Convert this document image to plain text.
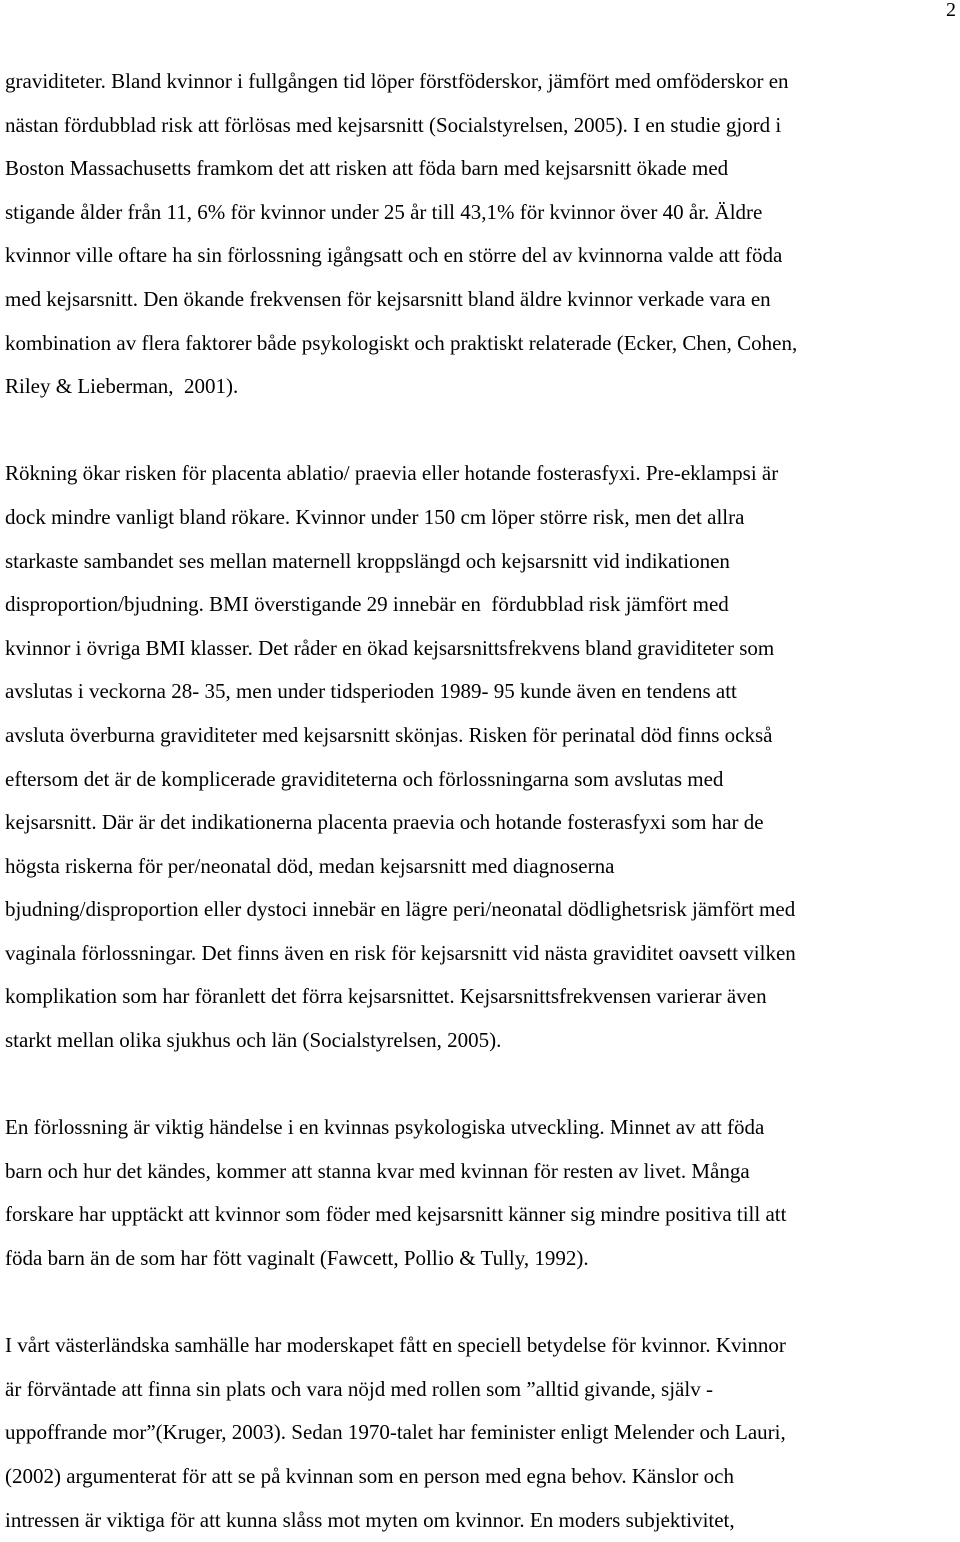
2

graviditeter. Bland kvinnor i fullgången tid löper förstföderskor, jämfört med omföderskor en

nästan fördubblad risk att förlösas med kejsarsnitt (Socialstyrelsen, 2005). I en studie gjord i

Boston Massachusetts framkom det att risken att föda barn med kejsarsnitt ökade med

stigande ålder från 11, 6% för kvinnor under 25 år till 43,1% för kvinnor över 40 år. Äldre

kvinnor ville oftare ha sin förlossning igångsatt och en större del av kvinnorna valde att föda

med kejsarsnitt. Den ökande frekvensen för kejsarsnitt bland äldre kvinnor verkade vara en

kombination av flera faktorer både psykologiskt och praktiskt relaterade (Ecker, Chen, Cohen,

Riley & Lieberman,  2001).

Rökning ökar risken för placenta ablatio/ praevia eller hotande fosterasfyxi. Pre-eklampsi är

dock mindre vanligt bland rökare. Kvinnor under 150 cm löper större risk, men det allra

starkaste sambandet ses mellan maternell kroppslängd och kejsarsnitt vid indikationen

disproportion/bjudning. BMI överstigande 29 innebär en  fördubblad risk jämfört med

kvinnor i övriga BMI klasser. Det råder en ökad kejsarsnittsfrekvens bland graviditeter som

avslutas i veckorna 28- 35, men under tidsperioden 1989- 95 kunde även en tendens att

avsluta överburna graviditeter med kejsarsnitt skönjas. Risken för perinatal död finns också

eftersom det är de komplicerade graviditeterna och förlossningarna som avslutas med

kejsarsnitt. Där är det indikationerna placenta praevia och hotande fosterasfyxi som har de

högsta riskerna för per/neonatal död, medan kejsarsnitt med diagnoserna

bjudning/disproportion eller dystoci innebär en lägre peri/neonatal dödlighetsrisk jämfört med

vaginala förlossningar. Det finns även en risk för kejsarsnitt vid nästa graviditet oavsett vilken

komplikation som har föranlett det förra kejsarsnittet. Kejsarsnittsfrekvensen varierar även

starkt mellan olika sjukhus och län (Socialstyrelsen, 2005).

En förlossning är viktig händelse i en kvinnas psykologiska utveckling. Minnet av att föda

barn och hur det kändes, kommer att stanna kvar med kvinnan för resten av livet. Många

forskare har upptäckt att kvinnor som föder med kejsarsnitt känner sig mindre positiva till att

föda barn än de som har fött vaginalt (Fawcett, Pollio & Tully, 1992).

I vårt västerländska samhälle har moderskapet fått en speciell betydelse för kvinnor. Kvinnor

är förväntade att finna sin plats och vara nöjd med rollen som ”alltid givande, själv -

uppoffrande mor”(Kruger, 2003). Sedan 1970-talet har feminister enligt Melender och Lauri,

(2002) argumenterat för att se på kvinnan som en person med egna behov. Känslor och

intressen är viktiga för att kunna slåss mot myten om kvinnor. En moders subjektivitet,
